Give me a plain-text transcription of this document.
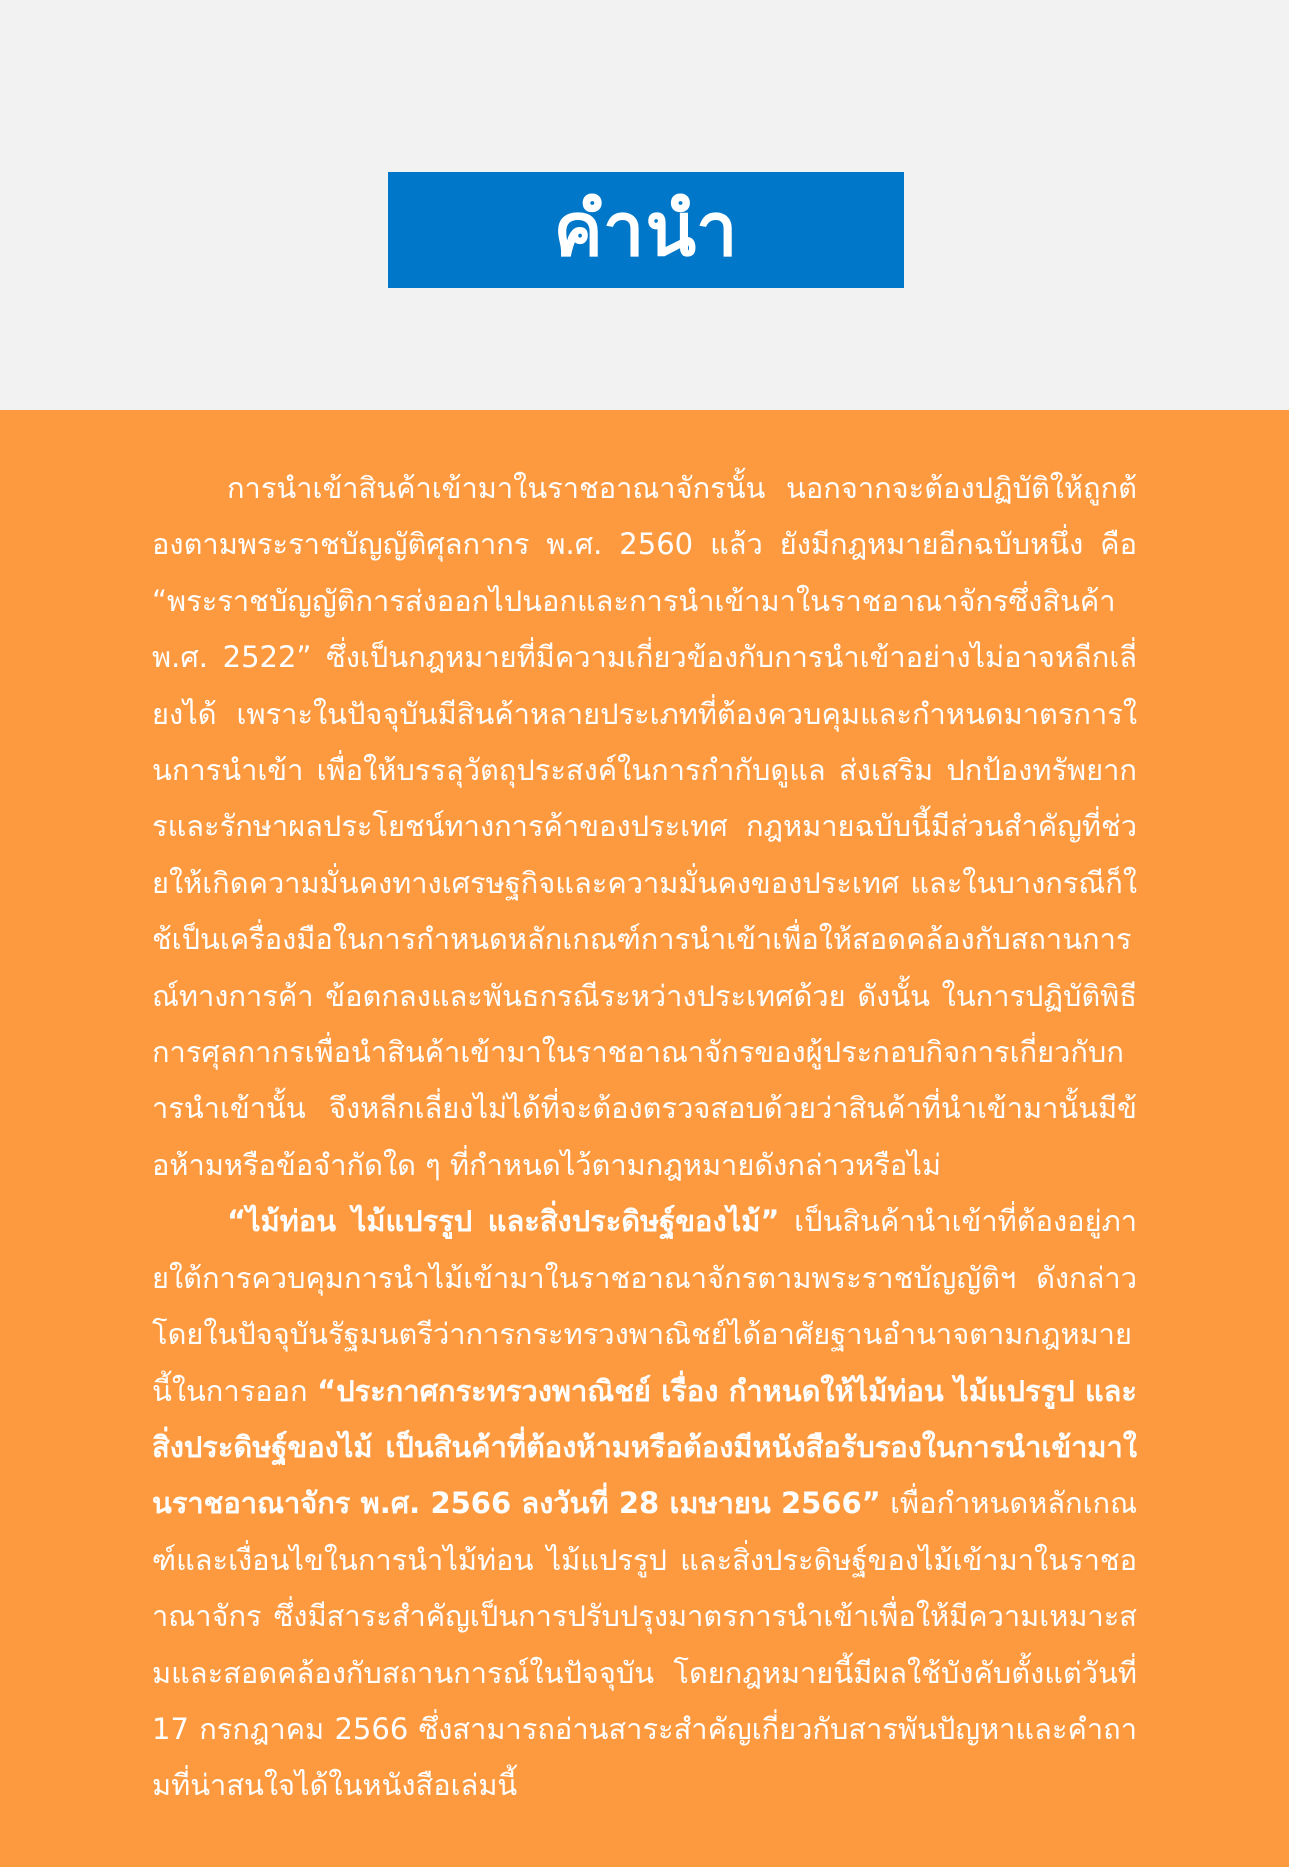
คำนำ

การนำเข้าสินค้าเข้ามาในราชอาณาจักรนั้น นอกจากจะต้องปฏิบัติให้ถูกต้องตามพระราชบัญญัติศุลกากร พ.ศ. 2560 แล้ว ยังมีกฎหมายอีกฉบับหนึ่ง คือ “พระราชบัญญัติการส่งออกไปนอกและการนำเข้ามาในราชอาณาจักรซึ่งสินค้า พ.ศ. 2522” ซึ่งเป็นกฎหมายที่มีความเกี่ยวข้องกับการนำเข้าอย่างไม่อาจหลีกเลี่ยงได้ เพราะในปัจจุบันมีสินค้าหลายประเภทที่ต้องควบคุมและกำหนดมาตรการในการนำเข้า เพื่อให้บรรลุวัตถุประสงค์ในการกำกับดูแล ส่งเสริม ปกป้องทรัพยากรและรักษาผลประโยชน์ทางการค้าของประเทศ กฎหมายฉบับนี้มีส่วนสำคัญที่ช่วยให้เกิดความมั่นคงทางเศรษฐกิจและความมั่นคงของประเทศ และในบางกรณีก็ใช้เป็นเครื่องมือในการกำหนดหลักเกณฑ์การนำเข้าเพื่อให้สอดคล้องกับสถานการณ์ทางการค้า ข้อตกลงและพันธกรณีระหว่างประเทศด้วย ดังนั้น ในการปฏิบัติพิธีการศุลกากรเพื่อนำสินค้าเข้ามาในราชอาณาจักรของผู้ประกอบกิจการเกี่ยวกับการนำเข้านั้น จึงหลีกเลี่ยงไม่ได้ที่จะต้องตรวจสอบด้วยว่าสินค้าที่นำเข้ามานั้นมีข้อห้ามหรือข้อจำกัดใด ๆ ที่กำหนดไว้ตามกฎหมายดังกล่าวหรือไม่

“ไม้ท่อน ไม้แปรรูป และสิ่งประดิษฐ์ของไม้” เป็นสินค้านำเข้าที่ต้องอยู่ภายใต้การควบคุมการนำไม้เข้ามาในราชอาณาจักรตามพระราชบัญญัติฯ ดังกล่าว โดยในปัจจุบันรัฐมนตรีว่าการกระทรวงพาณิชย์ได้อาศัยฐานอำนาจตามกฎหมายนี้ในการออก “ประกาศกระทรวงพาณิชย์ เรื่อง กำหนดให้ไม้ท่อน ไม้แปรรูป และสิ่งประดิษฐ์ของไม้ เป็นสินค้าที่ต้องห้ามหรือต้องมีหนังสือรับรองในการนำเข้ามาในราชอาณาจักร พ.ศ. 2566 ลงวันที่ 28 เมษายน 2566” เพื่อกำหนดหลักเกณฑ์และเงื่อนไขในการนำไม้ท่อน ไม้แปรรูป และสิ่งประดิษฐ์ของไม้เข้ามาในราชอาณาจักร ซึ่งมีสาระสำคัญเป็นการปรับปรุงมาตรการนำเข้าเพื่อให้มีความเหมาะสมและสอดคล้องกับสถานการณ์ในปัจจุบัน โดยกฎหมายนี้มีผลใช้บังคับตั้งแต่วันที่ 17 กรกฎาคม 2566 ซึ่งสามารถอ่านสาระสำคัญเกี่ยวกับสารพันปัญหาและคำถามที่น่าสนใจได้ในหนังสือเล่มนี้
